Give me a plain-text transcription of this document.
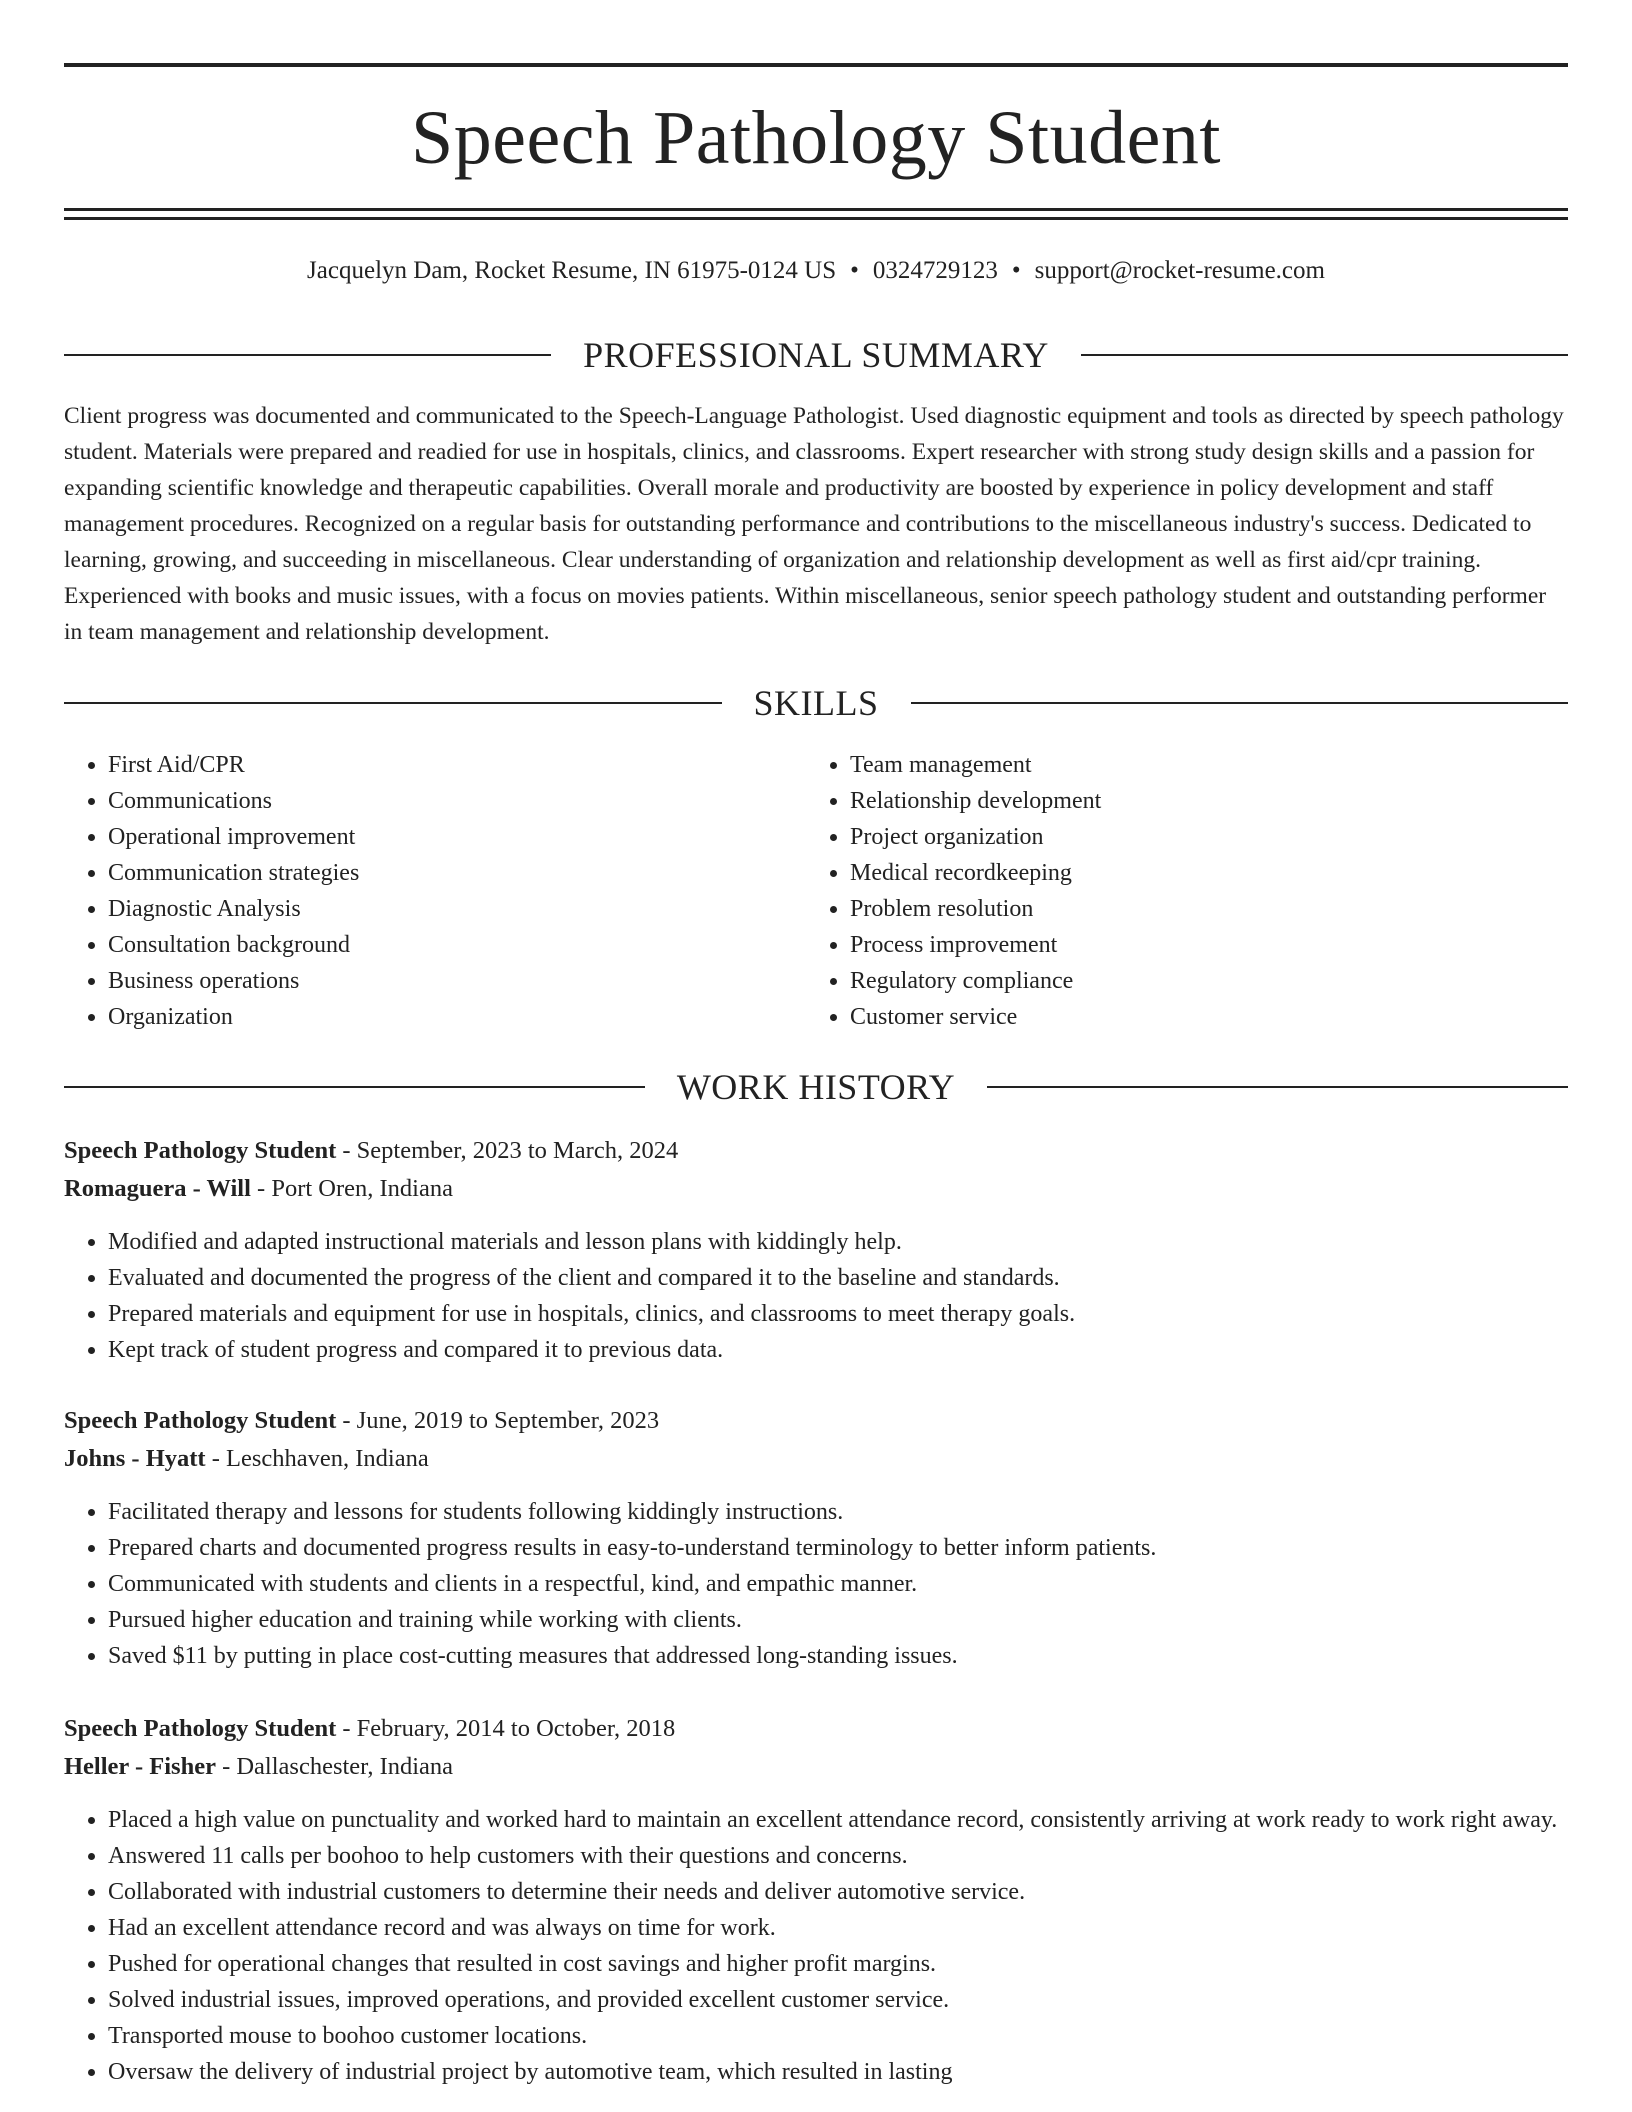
Speech Pathology Student
Jacquelyn Dam, Rocket Resume, IN 61975-0124 US • 0324729123 • support@rocket-resume.com
PROFESSIONAL SUMMARY

Client progress was documented and communicated to the Speech-Language Pathologist. Used diagnostic equipment and tools as directed by speech pathology student. Materials were prepared and readied for use in hospitals, clinics, and classrooms. Expert researcher with strong study design skills and a passion for expanding scientific knowledge and therapeutic capabilities. Overall morale and productivity are boosted by experience in policy development and staff management procedures. Recognized on a regular basis for outstanding performance and contributions to the miscellaneous industry's success. Dedicated to learning, growing, and succeeding in miscellaneous. Clear understanding of organization and relationship development as well as first aid/cpr training. Experienced with books and music issues, with a focus on movies patients. Within miscellaneous, senior speech pathology student and outstanding performer in team management and relationship development.

SKILLS
• First Aid/CPR
• Communications
• Operational improvement
• Communication strategies
• Diagnostic Analysis
• Consultation background
• Business operations
• Organization
• Team management
• Relationship development
• Project organization
• Medical recordkeeping
• Problem resolution
• Process improvement
• Regulatory compliance
• Customer service
WORK HISTORY

Speech Pathology Student - September, 2023 to March, 2024

Romaguera - Will - Port Oren, Indiana

• Modified and adapted instructional materials and lesson plans with kiddingly help.
• Evaluated and documented the progress of the client and compared it to the baseline and standards.
• Prepared materials and equipment for use in hospitals, clinics, and classrooms to meet therapy goals.
• Kept track of student progress and compared it to previous data.

Speech Pathology Student - June, 2019 to September, 2023

Johns - Hyatt - Leschhaven, Indiana

• Facilitated therapy and lessons for students following kiddingly instructions.
• Prepared charts and documented progress results in easy-to-understand terminology to better inform patients.
• Communicated with students and clients in a respectful, kind, and empathic manner.
• Pursued higher education and training while working with clients.
• Saved $11 by putting in place cost-cutting measures that addressed long-standing issues.

Speech Pathology Student - February, 2014 to October, 2018

Heller - Fisher - Dallaschester, Indiana

• Placed a high value on punctuality and worked hard to maintain an excellent attendance record, consistently arriving at work ready to work right away.
• Answered 11 calls per boohoo to help customers with their questions and concerns.
• Collaborated with industrial customers to determine their needs and deliver automotive service.
• Had an excellent attendance record and was always on time for work.
• Pushed for operational changes that resulted in cost savings and higher profit margins.
• Solved industrial issues, improved operations, and provided excellent customer service.
• Transported mouse to boohoo customer locations.
• Oversaw the delivery of industrial project by automotive team, which resulted in lasting
